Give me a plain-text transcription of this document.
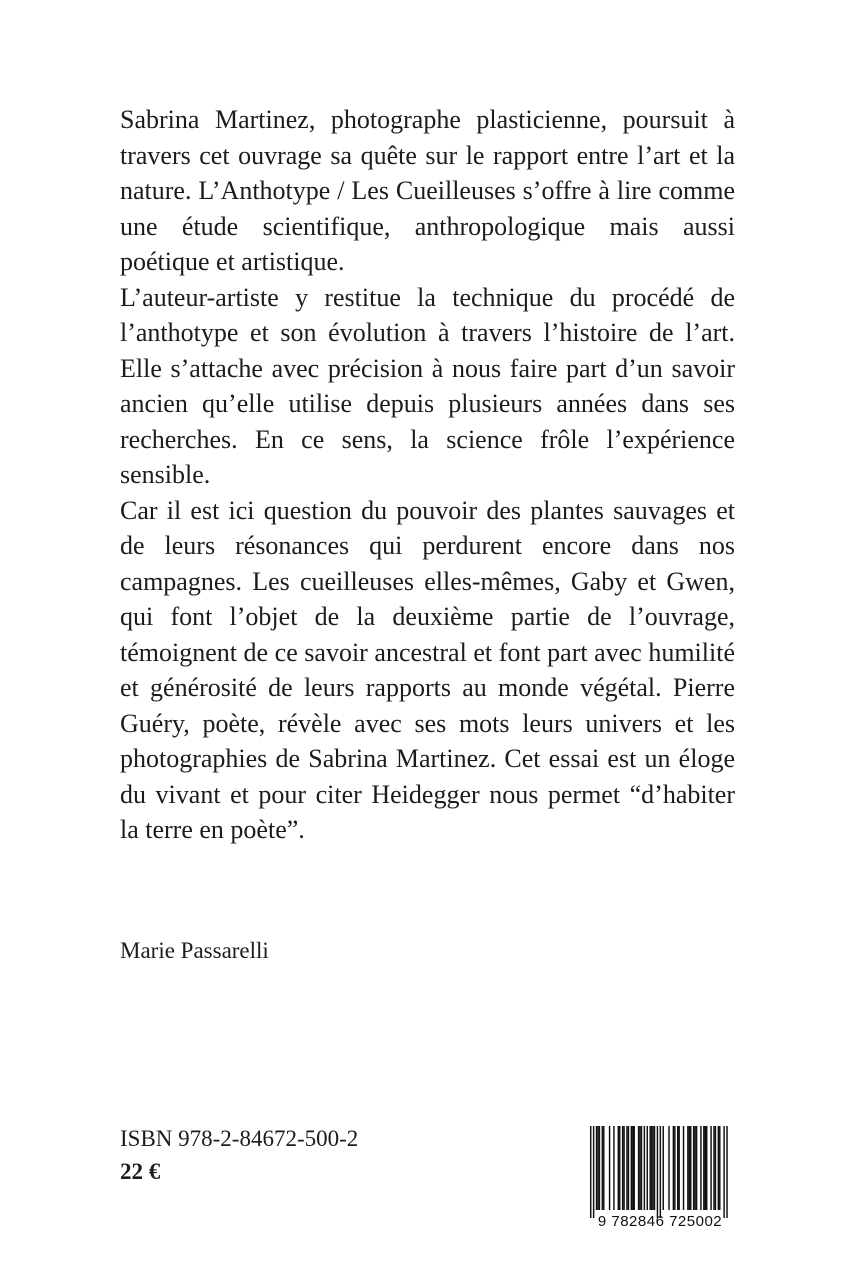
Sabrina Martinez, photographe plasticienne, poursuit à travers cet ouvrage sa quête sur le rapport entre l’art et la nature. L’Anthotype / Les Cueilleuses s’offre à lire comme une étude scientifique, anthropologique mais aussi poétique et artistique.

L’auteur-artiste y restitue la technique du procédé de l’anthotype et son évolution à travers l’histoire de l’art. Elle s’attache avec précision à nous faire part d’un savoir ancien qu’elle utilise depuis plusieurs années dans ses recherches. En ce sens, la science frôle l’expérience sensible.

Car il est ici question du pouvoir des plantes sauvages et de leurs résonances qui perdurent encore dans nos campagnes. Les cueilleuses elles-mêmes, Gaby et Gwen, qui font l’objet de la deuxième partie de l’ouvrage, témoignent de ce savoir ancestral et font part avec humilité et générosité de leurs rapports au monde végétal. Pierre Guéry, poète, révèle avec ses mots leurs univers et les photographies de Sabrina Martinez. Cet essai est un éloge du vivant et pour citer Heidegger nous permet “d’habiter la terre en poète”.

Marie Passarelli
ISBN 978-2-84672-500-2
22 €
9 782846 725002
